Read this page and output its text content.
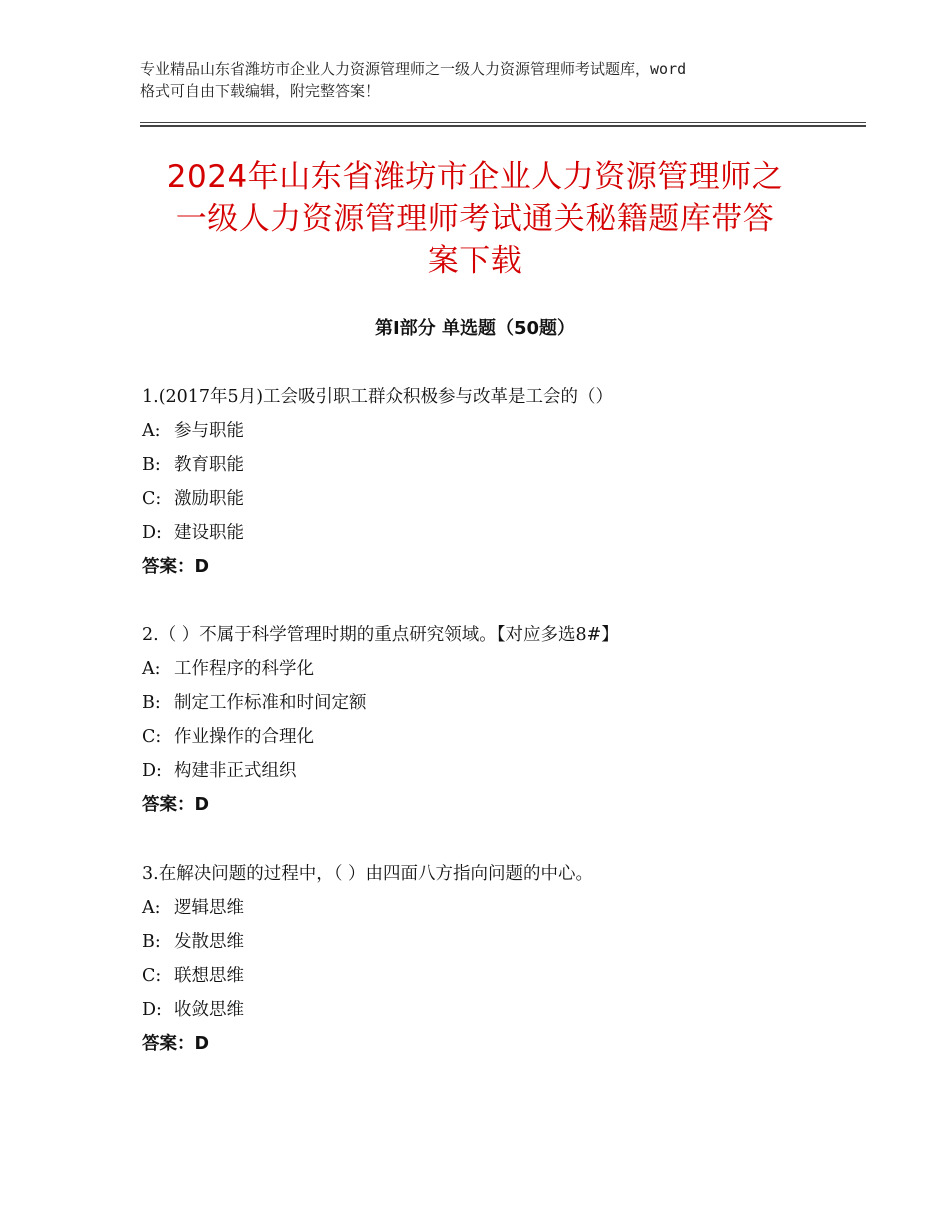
专业精品山东省潍坊市企业人力资源管理师之一级人力资源管理师考试题库，word
格式可自由下载编辑，附完整答案！
2024年山东省潍坊市企业人力资源管理师之
一级人力资源管理师考试通关秘籍题库带答
案下载
第Ⅰ部分 单选题（50题）
1.(2017年5月)工会吸引职工群众积极参与改革是工会的（）
A: 参与职能
B: 教育职能
C: 激励职能
D: 建设职能
答案：D
2.（ ）不属于科学管理时期的重点研究领域。【对应多选8#】
A: 工作程序的科学化
B: 制定工作标准和时间定额
C: 作业操作的合理化
D: 构建非正式组织
答案：D
3.在解决问题的过程中，（ ）由四面八方指向问题的中心。
A: 逻辑思维
B: 发散思维
C: 联想思维
D: 收敛思维
答案：D
